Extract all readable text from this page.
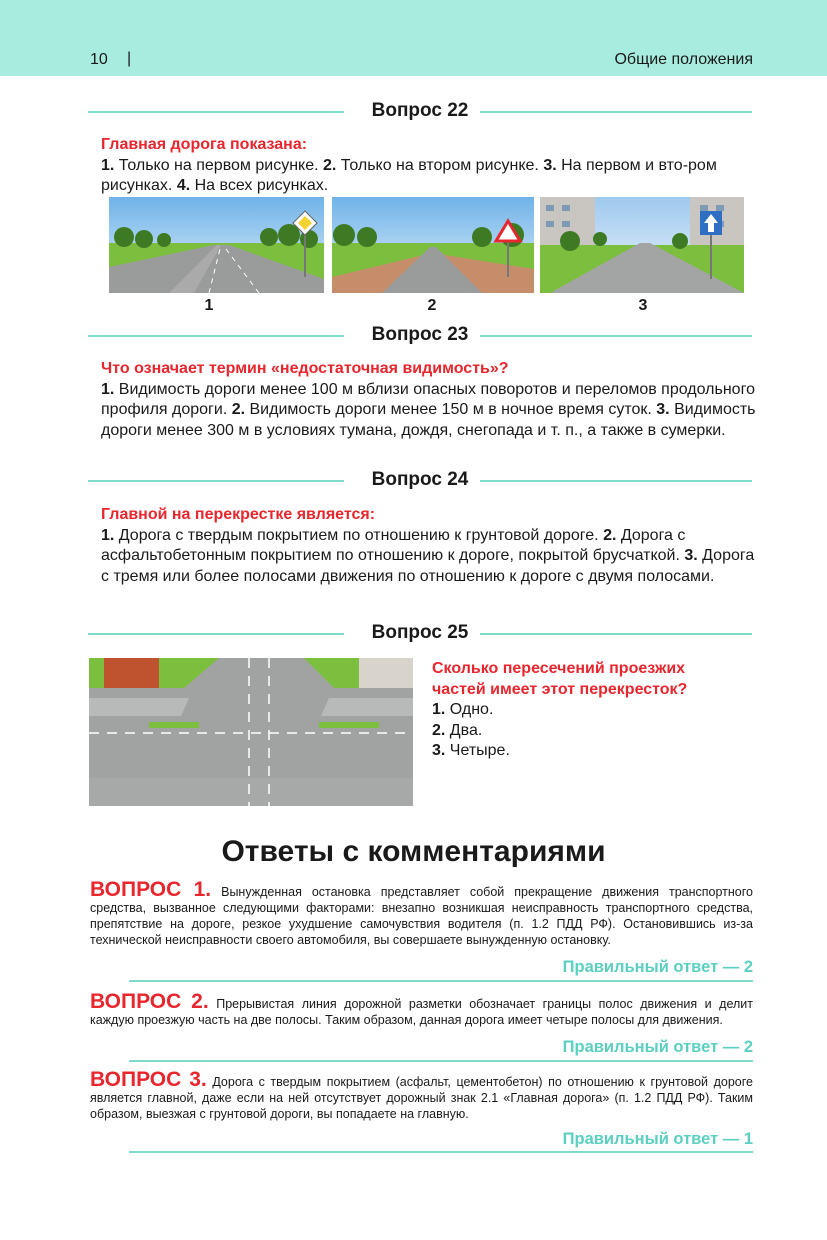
10 |	Общие положения
Вопрос 22
Главная дорога показана:
1. Только на первом рисунке. 2. Только на втором рисунке. 3. На первом и вто-ром рисунках. 4. На всех рисунках.
1	2	3
Вопрос 23
Что означает термин «недостаточная видимость»?
1. Видимость дороги менее 100 м вблизи опасных поворотов и переломов продольного профиля дороги. 2. Видимость дороги менее 150 м в ночное время суток. 3. Видимость дороги менее 300 м в условиях тумана, дождя, снегопада и т. п., а также в сумерки.
Вопрос 24
Главной на перекрестке является:
1. Дорога с твердым покрытием по отношению к грунтовой дороге. 2. Дорога с асфальтобетонным покрытием по отношению к дороге, покрытой брусчаткой. 3. Дорога с тремя или более полосами движения по отношению к дороге с двумя полосами.
Вопрос 25
Сколько пересечений проезжих частей имеет этот перекресток?
1. Одно.
2. Два.
3. Четыре.
Ответы с комментариями
ВОПРОС 1. Вынужденная остановка представляет собой прекращение движения транспортного средства, вызванное следующими факторами: внезапно возникшая неисправность транспортного средства, препятствие на дороге, резкое ухудшение самочувствия водителя (п. 1.2 ПДД РФ). Остановившись из-за технической неисправности своего автомобиля, вы совершаете вынужденную остановку.
Правильный ответ — 2
ВОПРОС 2. Прерывистая линия дорожной разметки обозначает границы полос движения и делит каждую проезжую часть на две полосы. Таким образом, данная дорога имеет четыре полосы для движения.
Правильный ответ — 2
ВОПРОС 3. Дорога с твердым покрытием (асфальт, цементобетон) по отношению к грунтовой дороге является главной, даже если на ней отсутствует дорожный знак 2.1 «Главная дорога» (п. 1.2 ПДД РФ). Таким образом, выезжая с грунтовой дороги, вы попадаете на главную.
Правильный ответ — 1
